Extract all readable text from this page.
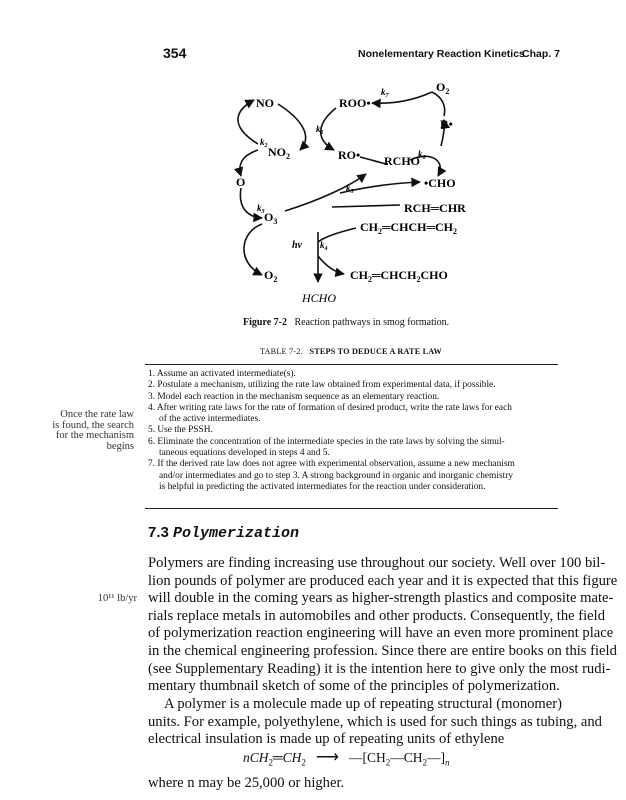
354	Nonelementary Reaction Kinetics
Chap. 7
NO	ROO•
$O_2$
R•
$NO_2$	RO• RCHO
•CHO
O
RCH═CHR
$O_3$	$CH_2═CHCH═CH_2$
$O_2$	$CH_2═CHCH_2CHO$
HCHO
hν
$k_1$
$k_2$
$k_3$
$k_4$
$k_5$
$k_6$
$k_7$
Figure 7-2 Reaction pathways in smog formation.
TABLE 7-2. STEPS TO DEDUCE A RATE LAW
1. Assume an activated intermediate(s).
2. Postulate a mechanism, utilizing the rate law obtained from experimental data, if possible.
3. Model each reaction in the mechanism sequence as an elementary reaction.
4. After writing rate laws for the rate of formation of desired product, write the rate laws for each
of the active intermediates.
5. Use the PSSH.
6. Eliminate the concentration of the intermediate species in the rate laws by solving the simul-
taneous equations developed in steps 4 and 5.
7. If the derived rate law does not agree with experimental observation, assume a new mechanism
and/or intermediates and go to step 3. A strong background in organic and inorganic chemistry
is helpful in predicting the activated intermediates for the reaction under consideration.
Once the rate law
is found, the search
for the mechanism
begins
7.3 Polymerization
10¹¹ lb/yr
Polymers are finding increasing use throughout our society. Well over 100 bil-
lion pounds of polymer are produced each year and it is expected that this figure
will double in the coming years as higher-strength plastics and composite mate-
rials replace metals in automobiles and other products. Consequently, the field
of polymerization reaction engineering will have an even more prominent place
in the chemical engineering profession. Since there are entire books on this field
(see Supplementary Reading) it is the intention here to give only the most rudi-
mentary thumbnail sketch of some of the principles of polymerization.
A polymer is a molecule made up of repeating structural (monomer)
units. For example, polyethylene, which is used for such things as tubing, and
electrical insulation is made up of repeating units of ethylene
$nCH_2═CH_2$ ⟶ $—[CH_2—CH_2—]_n$
where n may be 25,000 or higher.
